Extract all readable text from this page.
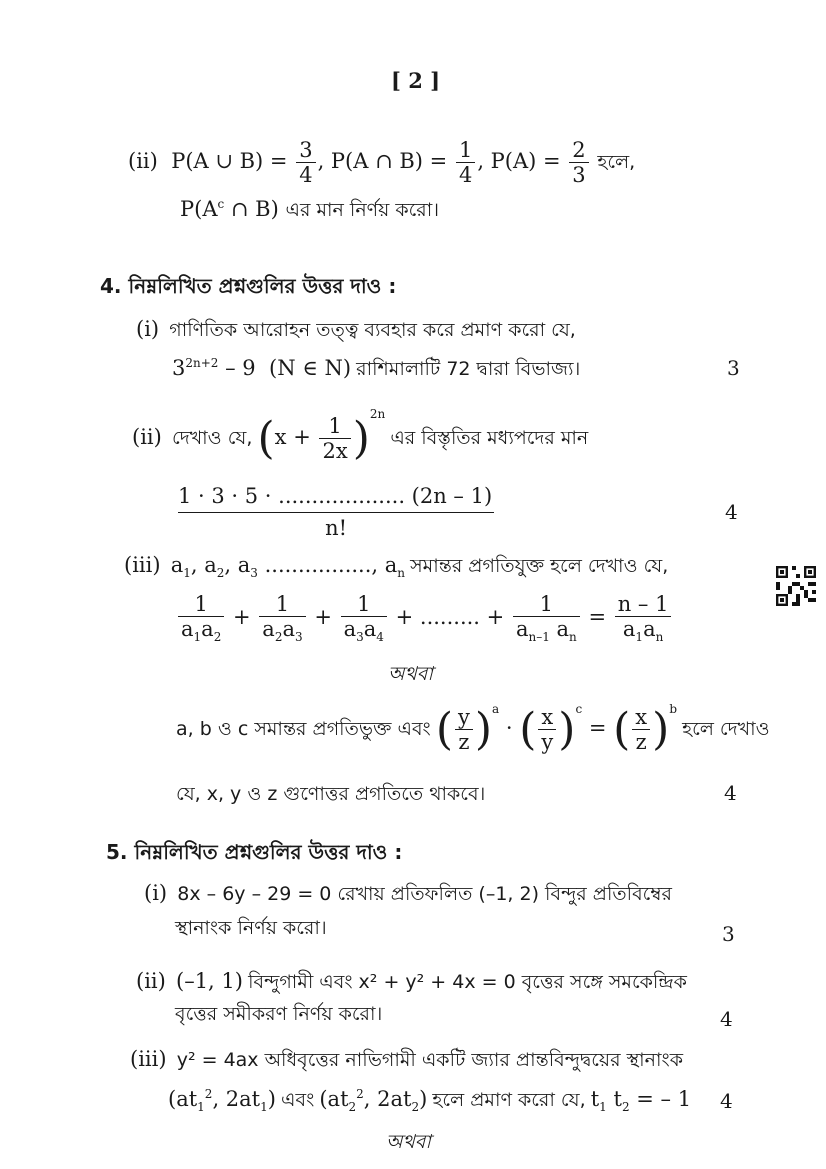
[ 2 ]
(ii) P(A ∪ $B) = \frac{3}{4}$ , P(A ∩ $B) = \frac{1}{4}$ , $P(A) = \frac{2}{3}$ হলে,
$P(A^c$ ∩ B) এর মান নির্ণয় করো।
4. নিম্নলিখিত প্রশ্নগুলির উত্তর দাও :
(i) গাণিতিক আরোহন তত্ত্ব ব্যবহার করে প্রমাণ করো যে,
$3^{2n+2} - 9$  (N ∈ N) রাশিমালাটি 72 দ্বারা বিভাজ্য।	3
(ii) দেখাও যে, $(x + \frac{1}{2x} )^{2n}$ এর বিস্তৃতির মধ্যপদের মান
$\frac{1 \cdot 3 \cdot 5 \cdot ................... (2n - 1)}{n!}$	4
(iii) $a_1$, $a_2$, $a_3$ ................, $a_n$ সমান্তর প্রগতিযুক্ত হলে দেখাও যে,
$\frac{1}{a_1a_2} + \frac{1}{a_2a_3} + \frac{1}{a_3a_4}$ + ......... + $\frac{1}{a_{n-1} a_n} = \frac{n - 1}{a_1a_n}$
অথবা
a, b ও c সমান্তর প্রগতিভুক্ত এবং ( $\frac{y}{z} )^a$ · ( $\frac{x}{y} )^c$ = ( $\frac{x}{z} )^b$ হলে দেখাও
যে, x, y ও z গুণোত্তর প্রগতিতে থাকবে।	4
5. নিম্নলিখিত প্রশ্নগুলির উত্তর দাও :
(i) 8x – 6y – 29 = 0 রেখায় প্রতিফলিত (–1, 2) বিন্দুর প্রতিবিম্বের
স্থানাংক নির্ণয় করো।	3
(ii) (–1, 1) বিন্দুগামী এবং x² + y² + 4x = 0 বৃত্তের সঙ্গে সমকেন্দ্রিক
বৃত্তের সমীকরণ নির্ণয় করো।	4
(iii) y² = 4ax অধিবৃত্তের নাভিগামী একটি জ্যার প্রান্তবিন্দুদ্বয়ের স্থানাংক
($at_1^2$, $2at_1$) এবং ($at_2^2$, $2at_2$) হলে প্রমাণ করো যে, $t_1$ $t_2$ = – 1 4
অথবা
